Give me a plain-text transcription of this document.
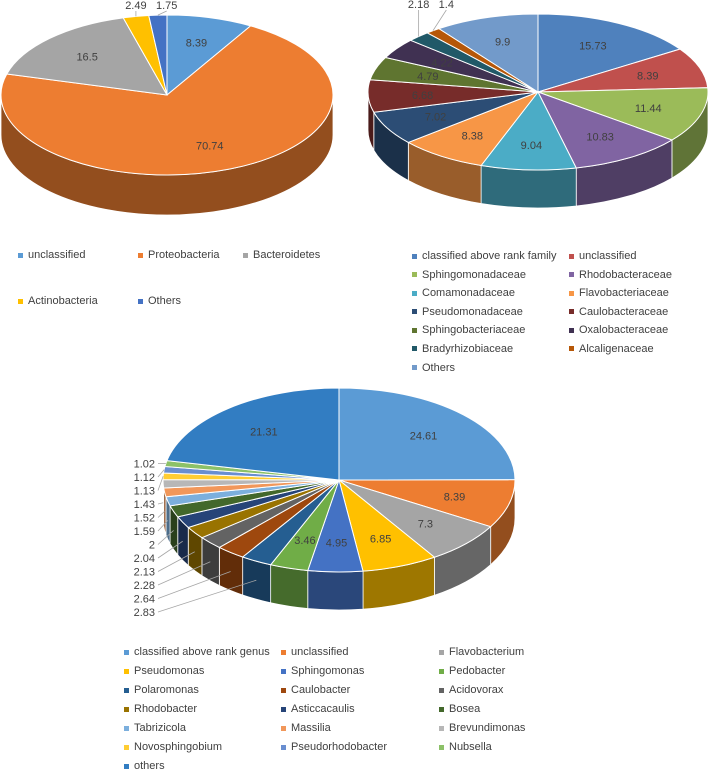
8.39
70.74
16.5
2.49 1.75
15.73
8.39
11.44
10.83
9.04
8.38
7.02
6.68
4.79
4.22
9.9
2.18 1.4
24.61
8.39
7.3
6.85
4.95
3.46
21.31
1.02
1.12
1.13
1.43
1.52
1.59
2
2.04
2.13
2.28
2.64
2.83
unclassified	Proteobacteria	Bacteroidetes
Actinobacteria	Others
classified above rank family unclassified
Sphingomonadaceae	Rhodobacteraceae
Comamonadaceae	Flavobacteriaceae
Pseudomonadaceae	Caulobacteraceae
Sphingobacteriaceae	Oxalobacteraceae
Bradyrhizobiaceae	Alcaligenaceae
Others
classified above rank genus unclassified	Flavobacterium
Pseudomonas	Sphingomonas	Pedobacter
Polaromonas	Caulobacter	Acidovorax
Rhodobacter	Asticcacaulis	Bosea
Tabrizicola	Massilia	Brevundimonas
Novosphingobium	Pseudorhodobacter	Nubsella
others
